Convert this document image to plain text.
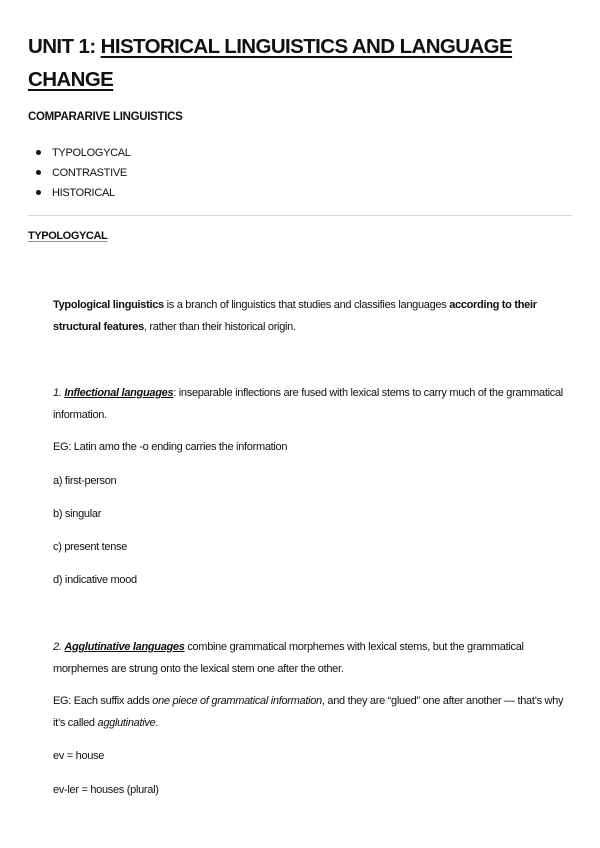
UNIT 1: HISTORICAL LINGUISTICS AND LANGUAGE CHANGE
COMPARARIVE LINGUISTICS
TYPOLOGYCAL
CONTRASTIVE
HISTORICAL
TYPOLOGYCAL
Typological linguistics is a branch of linguistics that studies and classifies languages according to their structural features, rather than their historical origin.
1. Inflectional languages: inseparable inflections are fused with lexical stems to carry much of the grammatical information.
EG: Latin amo the -o ending carries the information
a) first-person
b) singular
c) present tense
d) indicative mood
2. Agglutinative languages combine grammatical morphemes with lexical stems, but the grammatical morphemes are strung onto the lexical stem one after the other.
EG: Each suffix adds one piece of grammatical information, and they are “glued” one after another — that’s why it’s called agglutinative.
ev = house
ev-ler = houses (plural)
